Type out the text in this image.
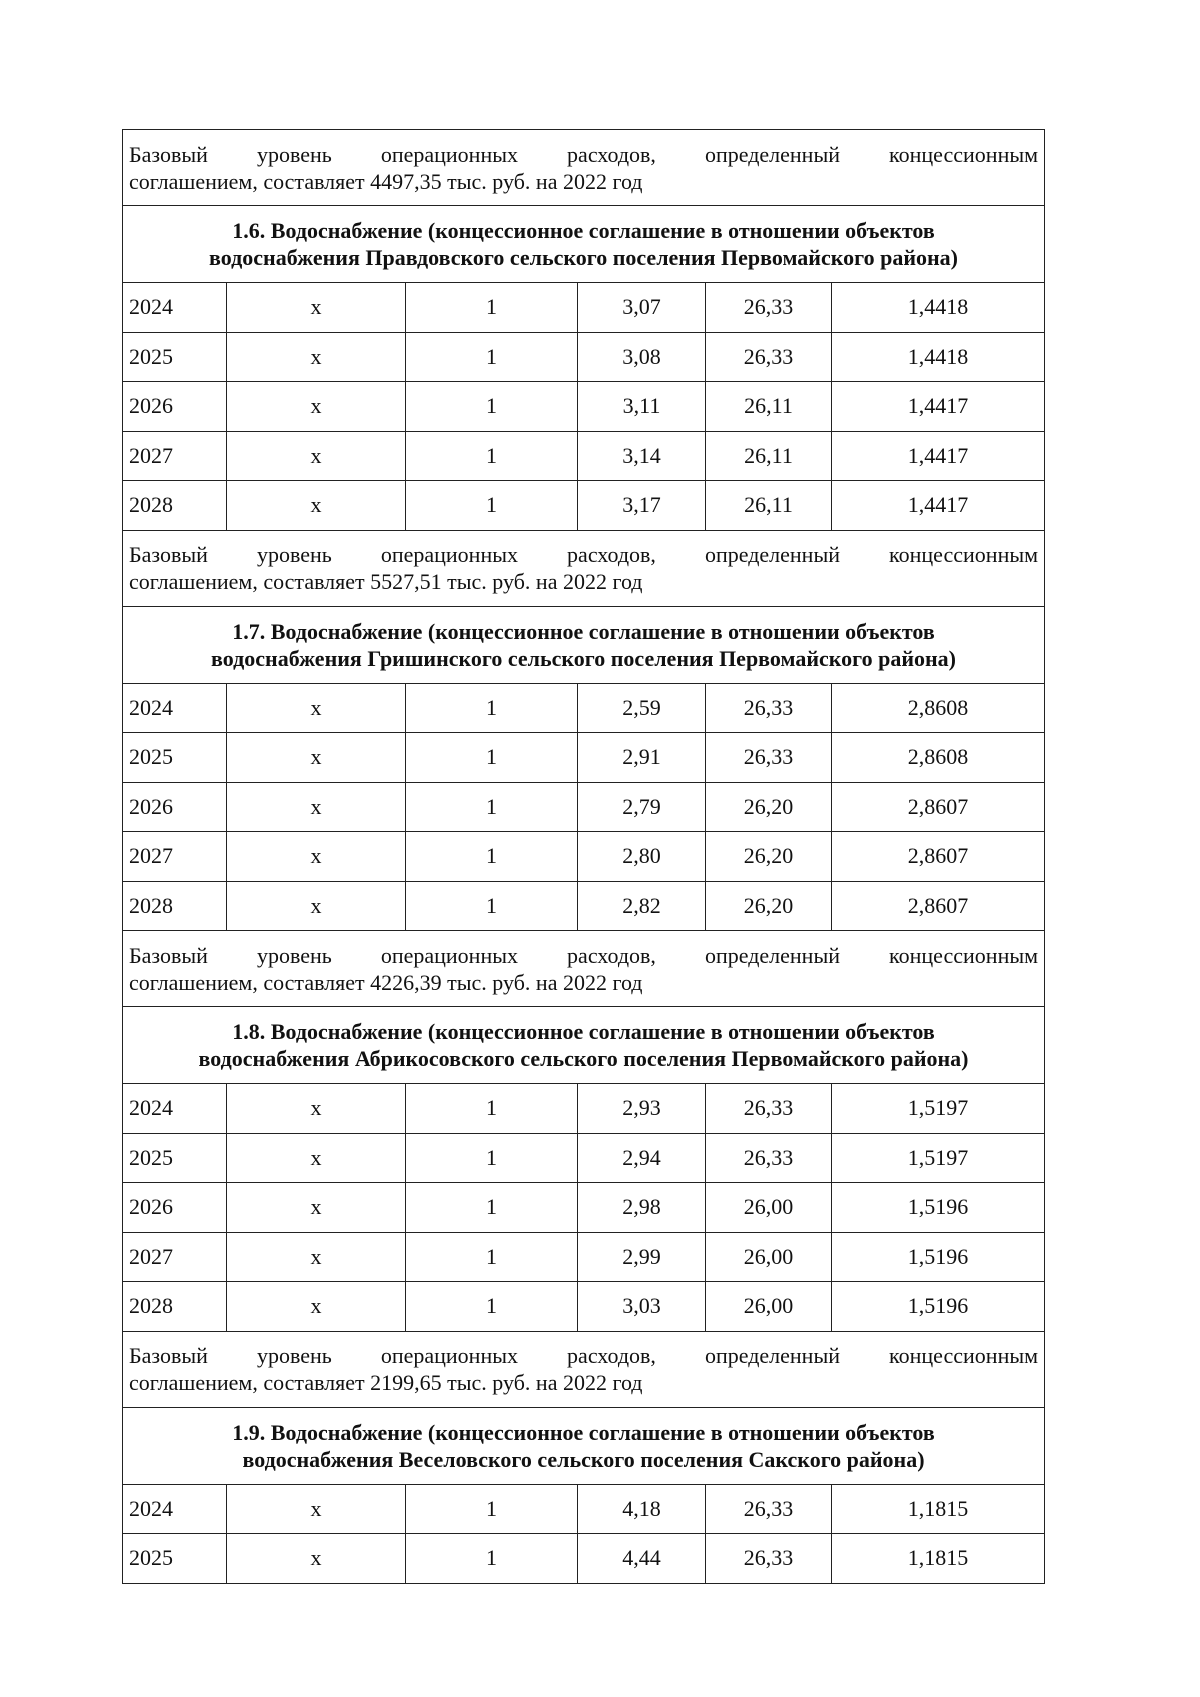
Базовый уровень операционных расходов, определенный концессионным
соглашением, составляет 4497,35 тыс. руб. на 2022 год					
1.6. Водоснабжение (концессионное соглашение в отношении объектов
водоснабжения Правдовского сельского поселения Первомайского района)					
2024	х	1	3,07	26,33	1,4418
2025	х	1	3,08	26,33	1,4418
2026	х	1	3,11	26,11	1,4417
2027	х	1	3,14	26,11	1,4417
2028	х	1	3,17	26,11	1,4417

Базовый уровень операционных расходов, определенный концессионным
соглашением, составляет 5527,51 тыс. руб. на 2022 год					
1.7. Водоснабжение (концессионное соглашение в отношении объектов
водоснабжения Гришинского сельского поселения Первомайского района)					
2024	х	1	2,59	26,33	2,8608
2025	х	1	2,91	26,33	2,8608
2026	х	1	2,79	26,20	2,8607
2027	х	1	2,80	26,20	2,8607
2028	х	1	2,82	26,20	2,8607

Базовый уровень операционных расходов, определенный концессионным
соглашением, составляет 4226,39 тыс. руб. на 2022 год					
1.8. Водоснабжение (концессионное соглашение в отношении объектов
водоснабжения Абрикосовского сельского поселения Первомайского района)					
2024	х	1	2,93	26,33	1,5197
2025	х	1	2,94	26,33	1,5197
2026	х	1	2,98	26,00	1,5196
2027	х	1	2,99	26,00	1,5196
2028	х	1	3,03	26,00	1,5196

Базовый уровень операционных расходов, определенный концессионным
соглашением, составляет 2199,65 тыс. руб. на 2022 год					
1.9. Водоснабжение (концессионное соглашение в отношении объектов
водоснабжения Веселовского сельского поселения Сакского района)					
2024	х	1	4,18	26,33	1,1815
2025	х	1	4,44	26,33	1,1815
